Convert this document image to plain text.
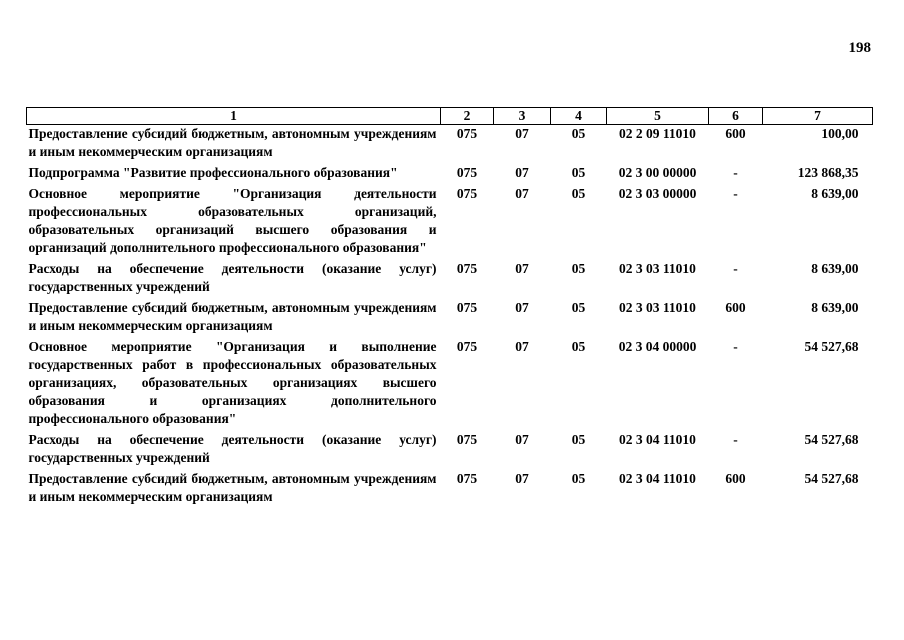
198
1	2	3	4	5	6	7
Предоставление субсидий бюджетным, автономным учреждениям и иным некоммерческим организациям	075	07	05	02 2 09 11010	600	100,00
Подпрограмма "Развитие профессионального образования"	075	07	05	02 3 00 00000	-	123 868,35
Основное мероприятие "Организация деятельности профессиональных образовательных организаций, образовательных организаций высшего образования и организаций дополнительного профессионального образования"	075	07	05	02 3 03 00000	-	8 639,00
Расходы на обеспечение деятельности (оказание услуг) государственных учреждений	075	07	05	02 3 03 11010	-	8 639,00
Предоставление субсидий бюджетным, автономным учреждениям и иным некоммерческим организациям	075	07	05	02 3 03 11010	600	8 639,00
Основное мероприятие "Организация и выполнение государственных работ в профессиональных образовательных организациях, образовательных организациях высшего образования и организациях дополнительного профессионального образования"	075	07	05	02 3 04 00000	-	54 527,68
Расходы на обеспечение деятельности (оказание услуг) государственных учреждений	075	07	05	02 3 04 11010	-	54 527,68
Предоставление субсидий бюджетным, автономным учреждениям и иным некоммерческим организациям	075	07	05	02 3 04 11010	600	54 527,68
